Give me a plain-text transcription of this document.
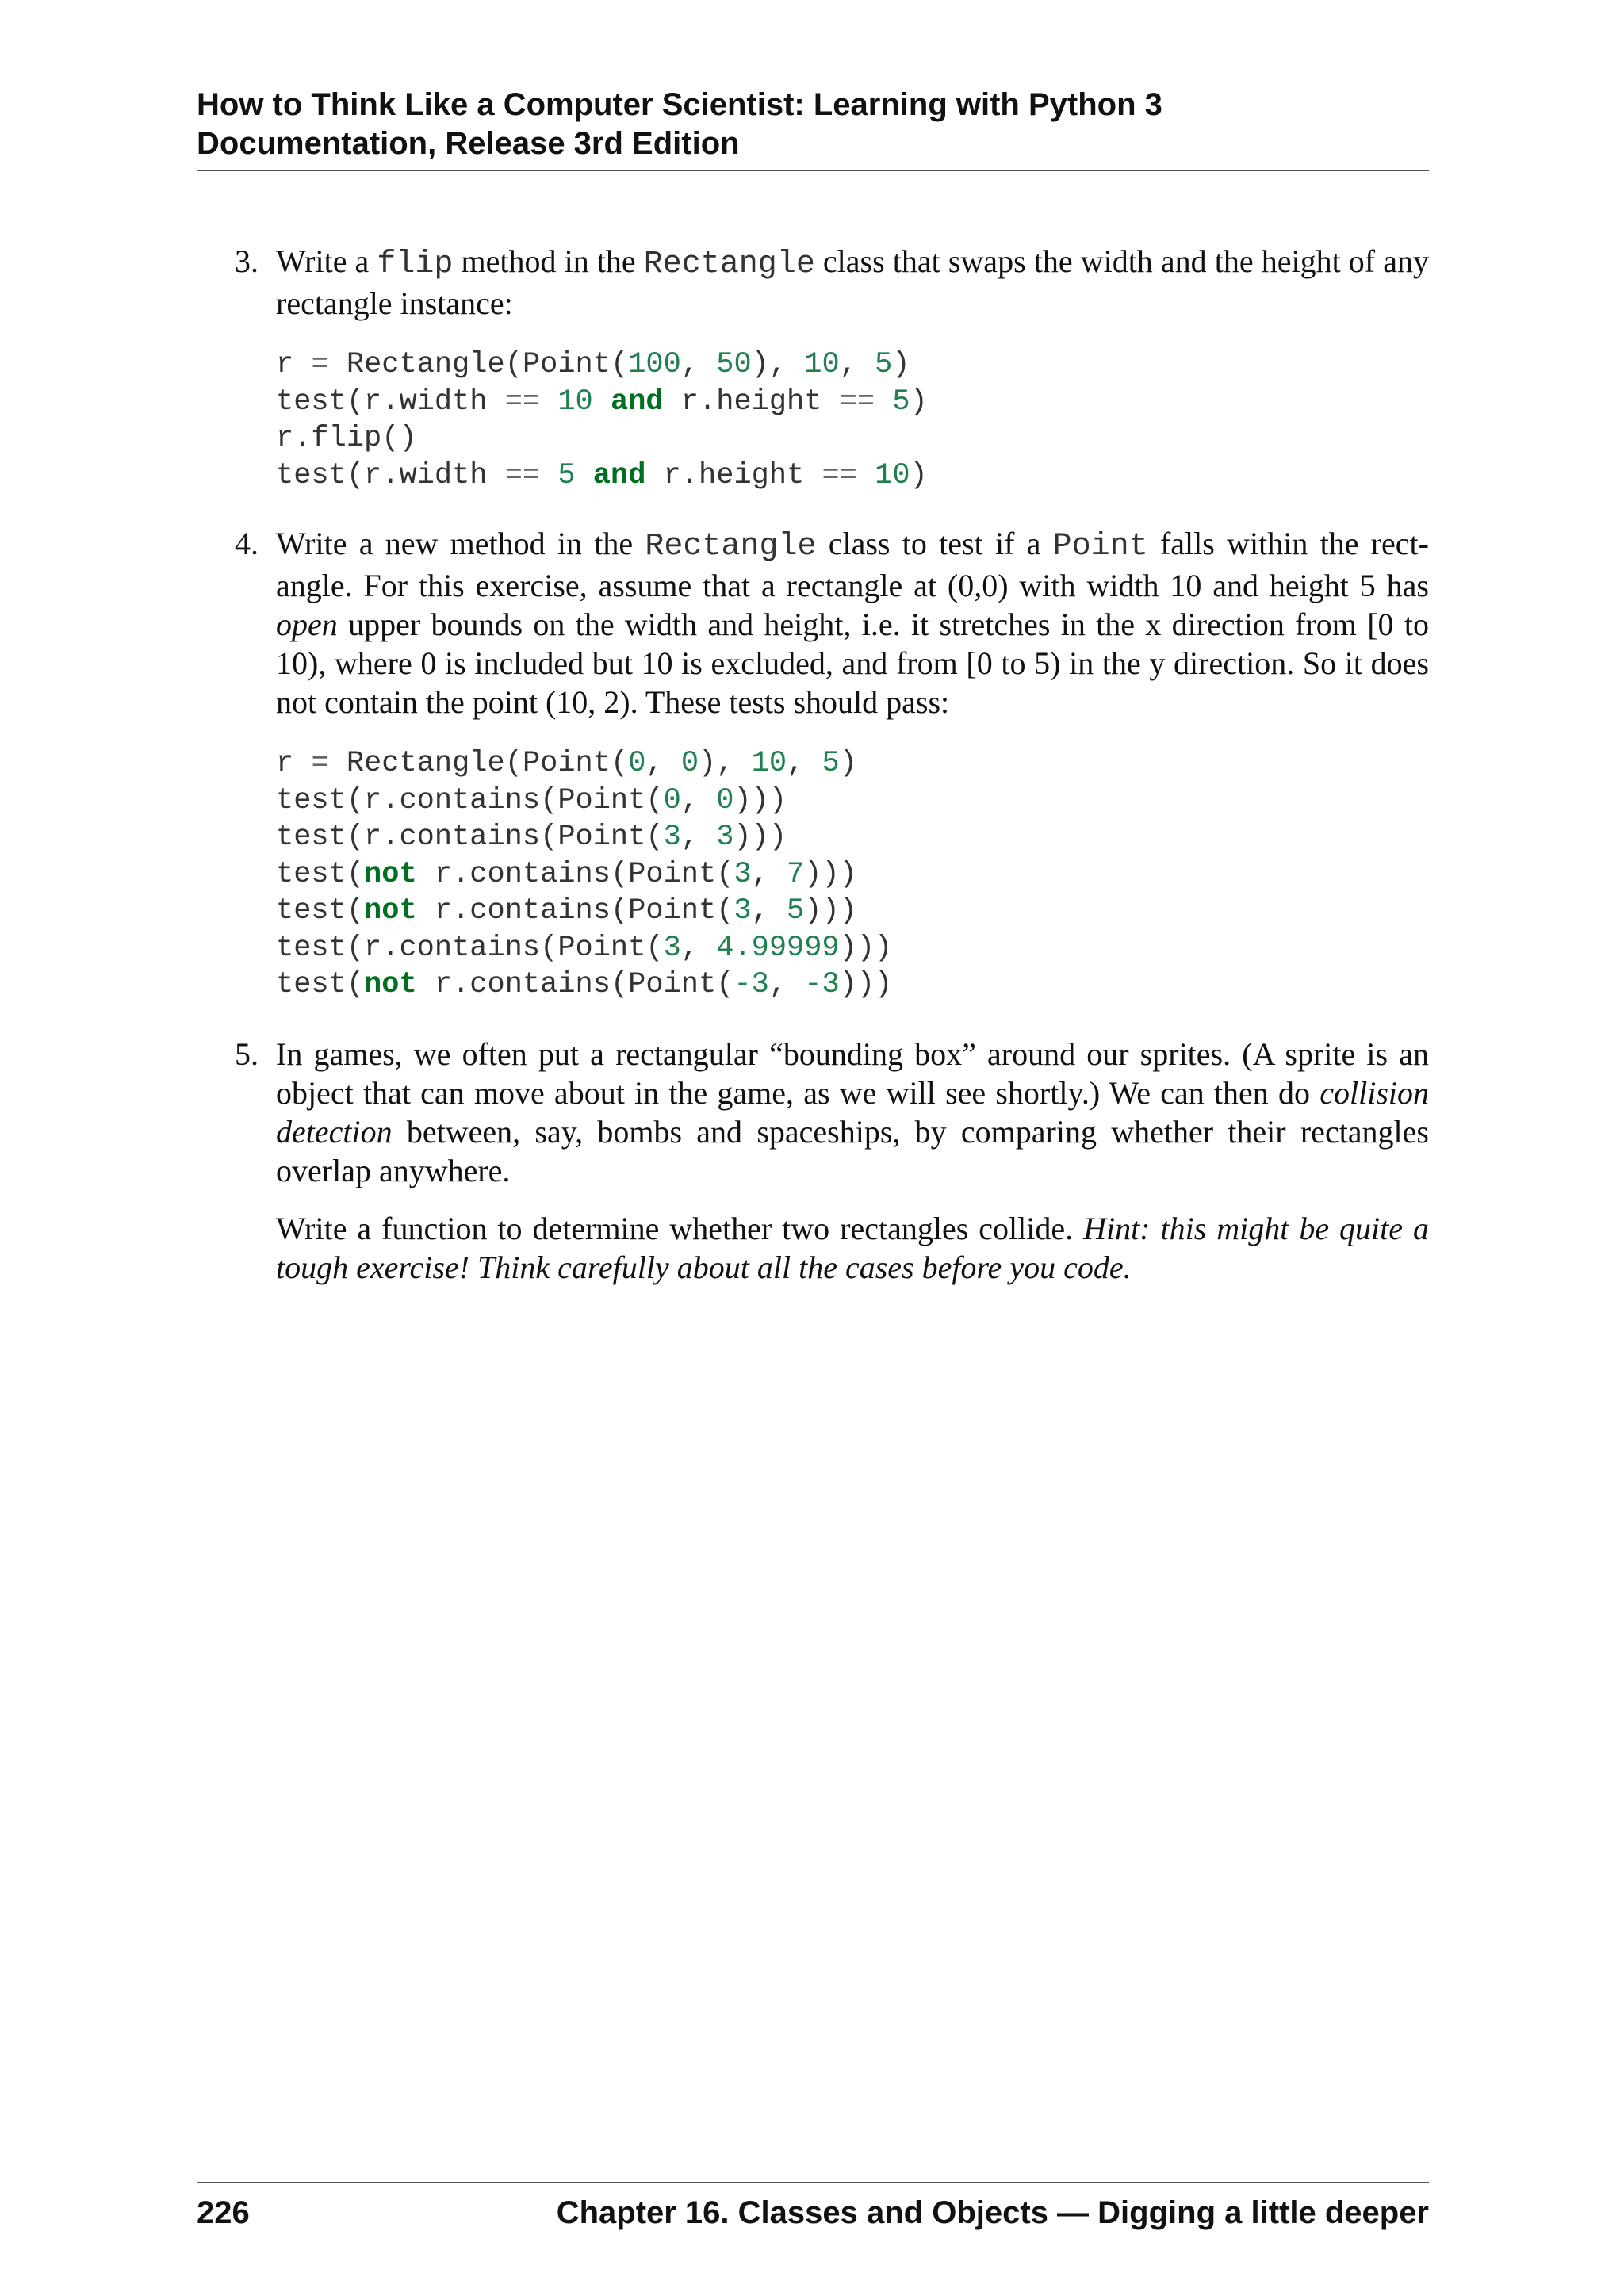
How to Think Like a Computer Scientist: Learning with Python 3
Documentation, Release 3rd Edition
3. Write a flip method in the Rectangle class that swaps the width and the height of any rectangle instance:

r = Rectangle(Point(100, 50), 10, 5)
test(r.width == 10 and r.height == 5)
r.flip()
test(r.width == 5 and r.height == 10)
4. Write a new method in the Rectangle class to test if a Point falls within the rect-angle. For this exercise, assume that a rectangle at (0,0) with width 10 and height 5 has open upper bounds on the width and height, i.e. it stretches in the x direction from [0 to 10), where 0 is included but 10 is excluded, and from [0 to 5) in the y direction. So it does not contain the point (10, 2). These tests should pass:

r = Rectangle(Point(0, 0), 10, 5)
test(r.contains(Point(0, 0)))
test(r.contains(Point(3, 3)))
test(not r.contains(Point(3, 7)))
test(not r.contains(Point(3, 5)))
test(r.contains(Point(3, 4.99999)))
test(not r.contains(Point(-3, -3)))
5. In games, we often put a rectangular “bounding box” around our sprites. (A sprite is an object that can move about in the game, as we will see shortly.) We can then do collision detection between, say, bombs and spaceships, by comparing whether their rectangles overlap anywhere.

Write a function to determine whether two rectangles collide. Hint: this might be quite a tough exercise! Think carefully about all the cases before you code.

226	Chapter 16. Classes and Objects — Digging a little deeper
